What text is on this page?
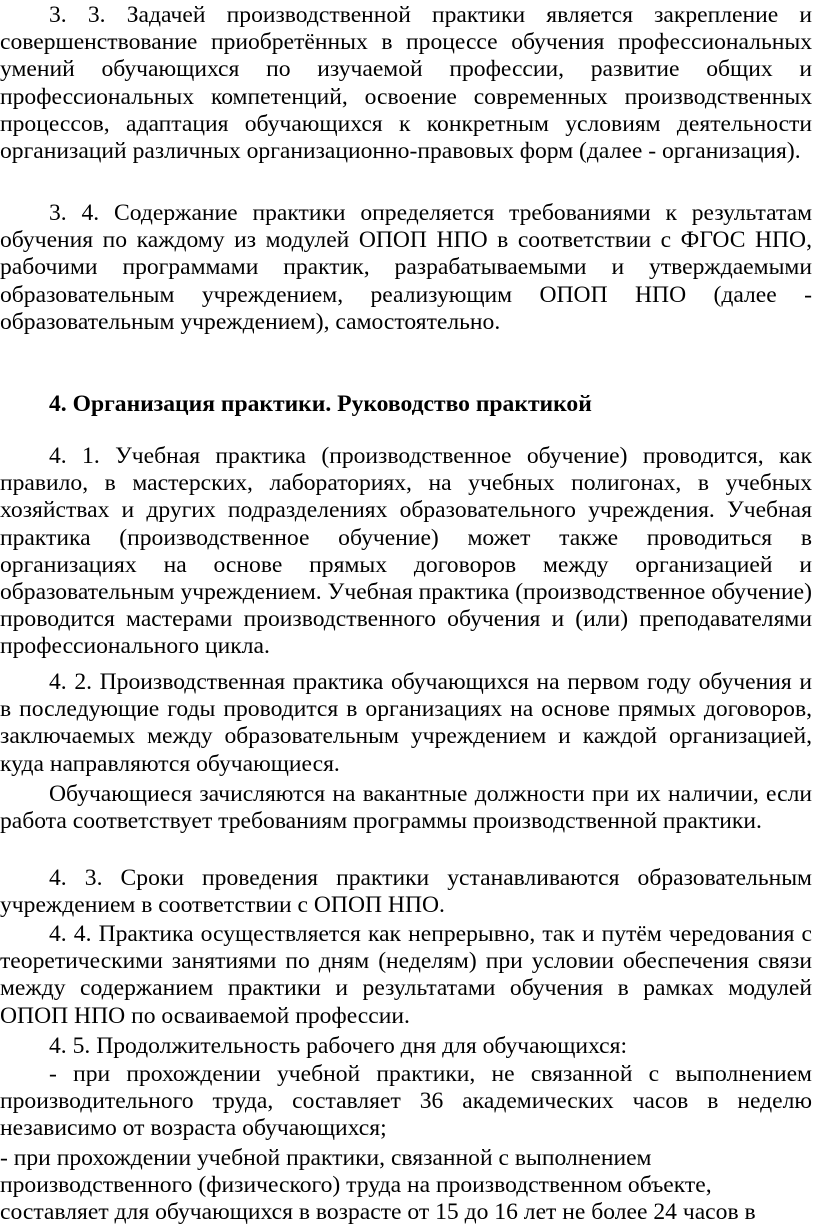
3. 3. Задачей производственной практики является закрепление и совершенствование приобретённых в процессе обучения профессиональных умений обучающихся по изучаемой профессии, развитие общих и профессиональных компетенций, освоение современных производственных процессов, адаптация обучающихся к конкретным условиям деятельности организаций различных организационно-правовых форм (далее - организация).

3. 4. Содержание практики определяется требованиями к результатам обучения по каждому из модулей ОПОП НПО в соответствии с ФГОС НПО, рабочими программами практик, разрабатываемыми и утверждаемыми образовательным учреждением, реализующим ОПОП НПО (далее - образовательным учреждением), самостоятельно.

4. Организация практики. Руководство практикой

4. 1. Учебная практика (производственное обучение) проводится, как правило, в мастерских, лабораториях, на учебных полигонах, в учебных хозяйствах и других подразделениях образовательного учреждения. Учебная практика (производственное обучение) может также проводиться в организациях на основе прямых договоров между организацией и образовательным учреждением. Учебная практика (производственное обучение) проводится мастерами производственного обучения и (или) преподавателями профессионального цикла.

4. 2. Производственная практика обучающихся на первом году обучения и в последующие годы проводится в организациях на основе прямых договоров, заключаемых между образовательным учреждением и каждой организацией, куда направляются обучающиеся.

Обучающиеся зачисляются на вакантные должности при их наличии, если работа соответствует требованиям программы производственной практики.

4. 3. Сроки проведения практики устанавливаются образовательным учреждением в соответствии с ОПОП НПО.

4. 4. Практика осуществляется как непрерывно, так и путём чередования с теоретическими занятиями по дням (неделям) при условии обеспечения связи между содержанием практики и результатами обучения в рамках модулей ОПОП НПО по осваиваемой профессии.

4. 5. Продолжительность рабочего дня для обучающихся:

- при прохождении учебной практики, не связанной с выполнением производительного труда, составляет 36 академических часов в неделю независимо от возраста обучающихся;

- при прохождении учебной практики, связанной с выполнением производственного (физического) труда на производственном объекте, составляет для обучающихся в возрасте от 15 до 16 лет не более 24 часов в
